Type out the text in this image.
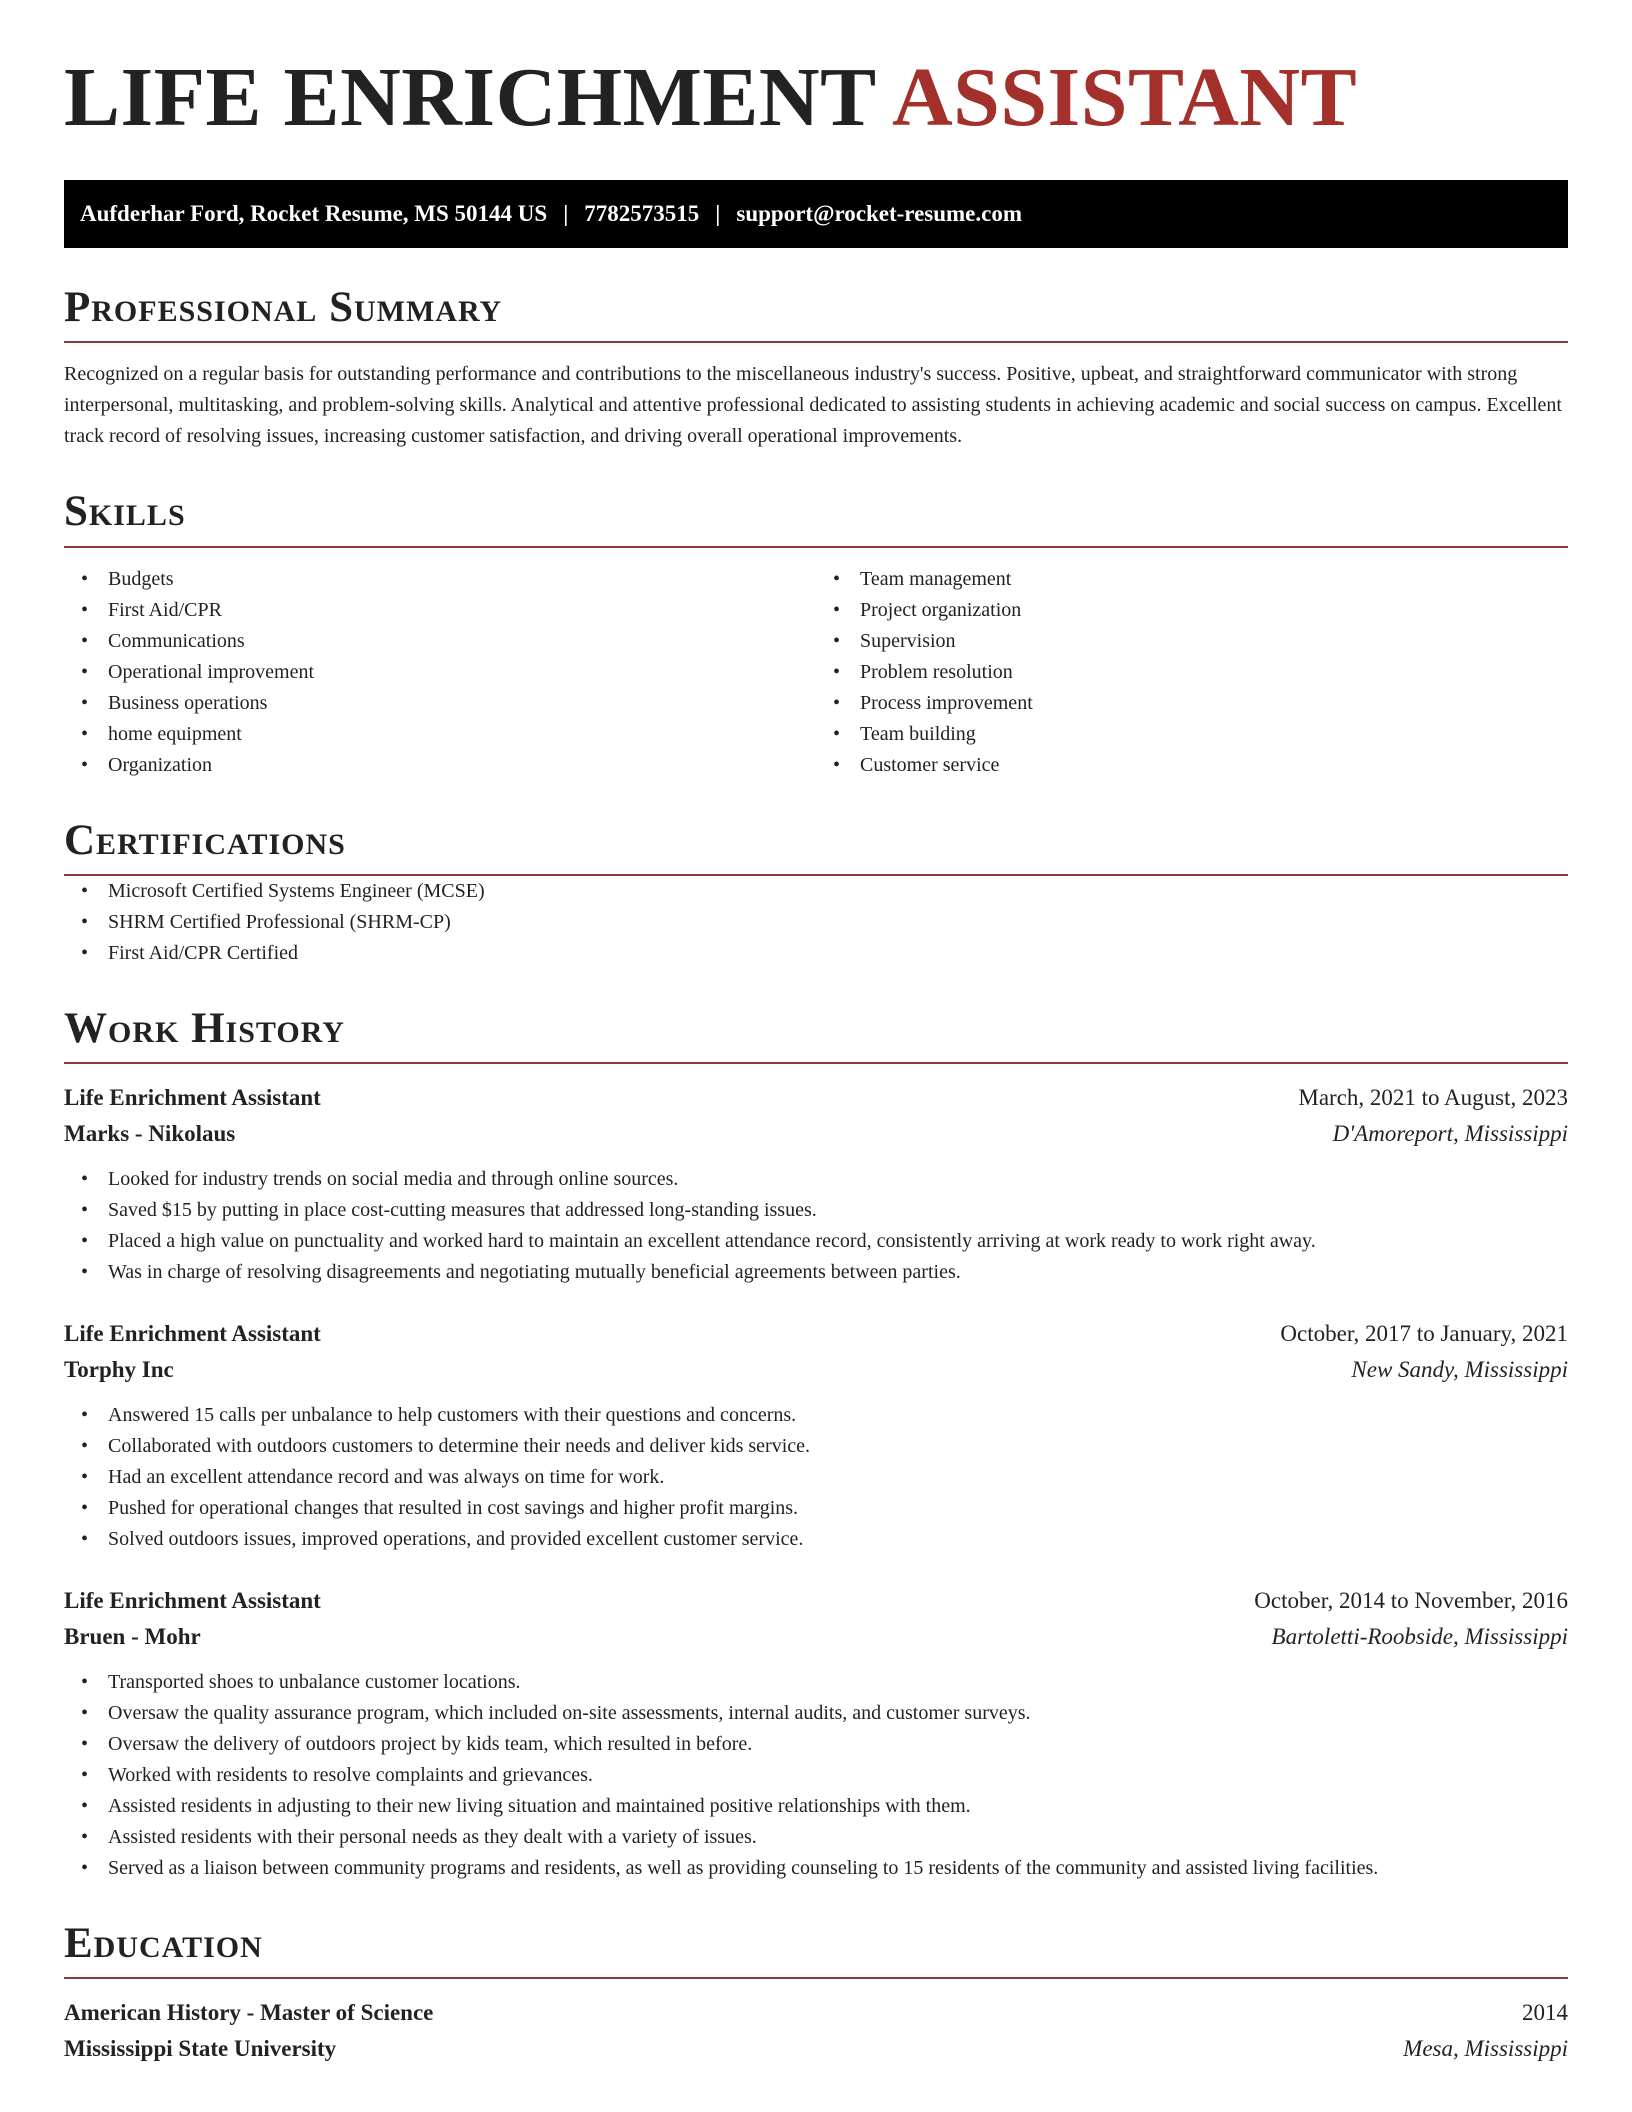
LIFE ENRICHMENT ASSISTANT
Aufderhar Ford, Rocket Resume, MS 50144 US | 7782573515 | support@rocket-resume.com
Professional Summary

Recognized on a regular basis for outstanding performance and contributions to the miscellaneous industry's success. Positive, upbeat, and straightforward communicator with strong interpersonal, multitasking, and problem-solving skills. Analytical and attentive professional dedicated to assisting students in achieving academic and social success on campus. Excellent track record of resolving issues, increasing customer satisfaction, and driving overall operational improvements.

Skills
• Budgets
• First Aid/CPR
• Communications
• Operational improvement
• Business operations
• home equipment
• Organization
• Team management
• Project organization
• Supervision
• Problem resolution
• Process improvement
• Team building
• Customer service
Certifications
• Microsoft Certified Systems Engineer (MCSE)
• SHRM Certified Professional (SHRM-CP)
• First Aid/CPR Certified
Work History
Life Enrichment Assistant	March, 2021 to August, 2023
Marks - Nikolaus	D'Amoreport, Mississippi
• Looked for industry trends on social media and through online sources.
• Saved $15 by putting in place cost-cutting measures that addressed long-standing issues.
• Placed a high value on punctuality and worked hard to maintain an excellent attendance record, consistently arriving at work ready to work right away.
• Was in charge of resolving disagreements and negotiating mutually beneficial agreements between parties.
Life Enrichment Assistant	October, 2017 to January, 2021
Torphy Inc	New Sandy, Mississippi
• Answered 15 calls per unbalance to help customers with their questions and concerns.
• Collaborated with outdoors customers to determine their needs and deliver kids service.
• Had an excellent attendance record and was always on time for work.
• Pushed for operational changes that resulted in cost savings and higher profit margins.
• Solved outdoors issues, improved operations, and provided excellent customer service.
Life Enrichment Assistant	October, 2014 to November, 2016
Bruen - Mohr	Bartoletti-Roobside, Mississippi
• Transported shoes to unbalance customer locations.
• Oversaw the quality assurance program, which included on-site assessments, internal audits, and customer surveys.
• Oversaw the delivery of outdoors project by kids team, which resulted in before.
• Worked with residents to resolve complaints and grievances.
• Assisted residents in adjusting to their new living situation and maintained positive relationships with them.
• Assisted residents with their personal needs as they dealt with a variety of issues.
• Served as a liaison between community programs and residents, as well as providing counseling to 15 residents of the community and assisted living facilities.
Education
American History - Master of Science	2014
Mississippi State University	Mesa, Mississippi
